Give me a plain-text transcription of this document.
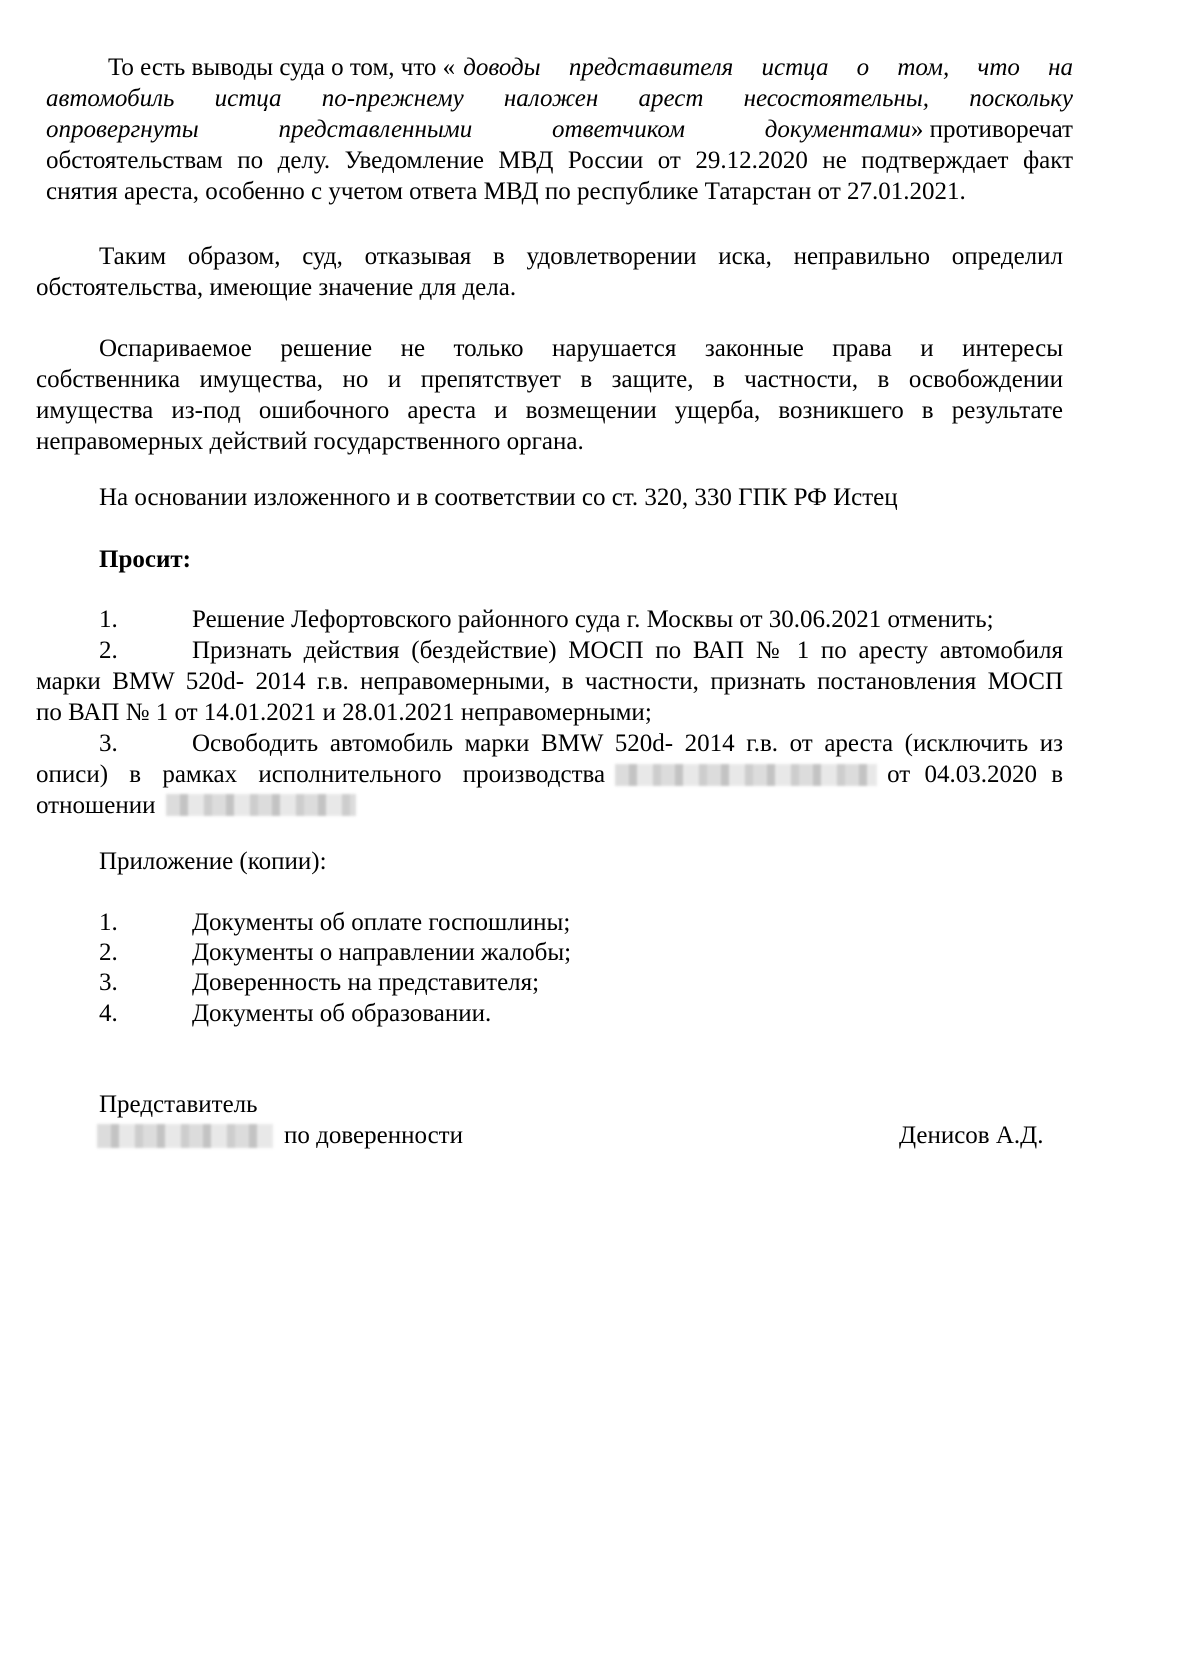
То есть выводы суда о том, что « доводы представителя истца о том, что на
автомобиль истца по-прежнему наложен арест несостоятельны, поскольку
опровергнуты представленными ответчиком документами » противоречат
обстоятельствам по делу. Уведомление МВД России от 29.12.2020 не подтверждает факт
снятия ареста, особенно с учетом ответа МВД по республике Татарстан от 27.01.2021.
Таким образом, суд, отказывая в удовлетворении иска, неправильно определил
обстоятельства, имеющие значение для дела.
Оспариваемое решение не только нарушается законные права и интересы
собственника имущества, но и препятствует в защите, в частности, в освобождении
имущества из-под ошибочного ареста и возмещении ущерба, возникшего в результате
неправомерных действий государственного органа.
На основании изложенного и в соответствии со ст. 320, 330 ГПК РФ Истец
Просит:
1.	Решение Лефортовского районного суда г. Москвы от 30.06.2021 отменить;
2.	Признать действия (бездействие) МОСП по ВАП № 1 по аресту автомобиля
марки BMW 520d- 2014 г.в. неправомерными, в частности, признать постановления МОСП
по ВАП № 1 от 14.01.2021 и 28.01.2021 неправомерными;
3.	Освободить автомобиль марки BMW 520d- 2014 г.в. от ареста (исключить из
описи) в рамках исполнительного производства	от 04.03.2020 в
отношении
Приложение (копии):
1.	Документы об оплате госпошлины;
2.	Документы о направлении жалобы;
3.	Доверенность на представителя;
4.	Документы об образовании.
Представитель
по доверенности	Денисов А.Д.
